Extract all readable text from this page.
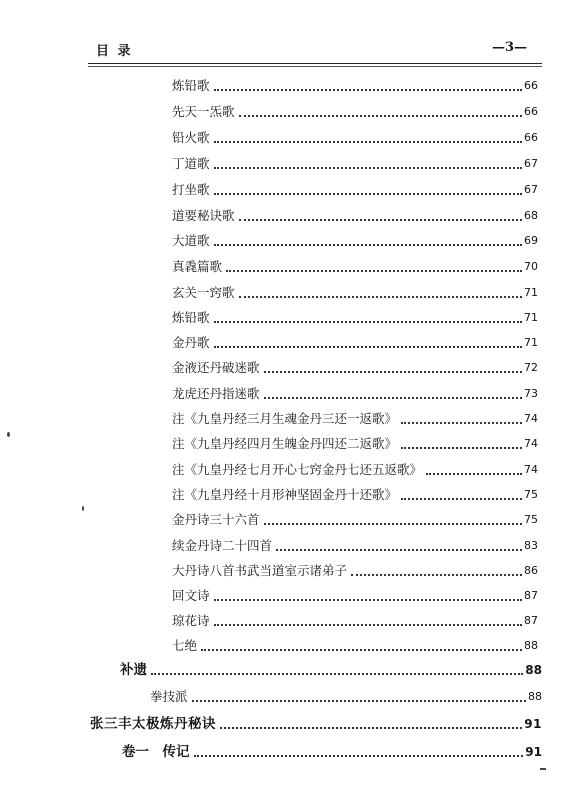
目 录	—3—
炼铅歌	66
先天一炁歌	66
铅火歌	66
丁道歌	67
打坐歌	67
道要秘诀歌	68
大道歌	69
真毳篇歌	70
玄关一窍歌	71
炼铅歌	71
金丹歌	71
金液还丹破迷歌	72
龙虎还丹指迷歌	73
注《九皇丹经三月生魂金丹三还一返歌》	74
注《九皇丹经四月生魄金丹四还二返歌》	74
注《九皇丹经七月开心七窍金丹七还五返歌》	74
注《九皇丹经十月形神坚固金丹十还歌》	75
金丹诗三十六首	75
续金丹诗二十四首	83
大丹诗八首书武当道室示诸弟子	86
回文诗	87
琼花诗	87
七绝	88
补遗	88
拳技派	88
张三丰太极炼丹秘诀	91
卷一　传记	91
